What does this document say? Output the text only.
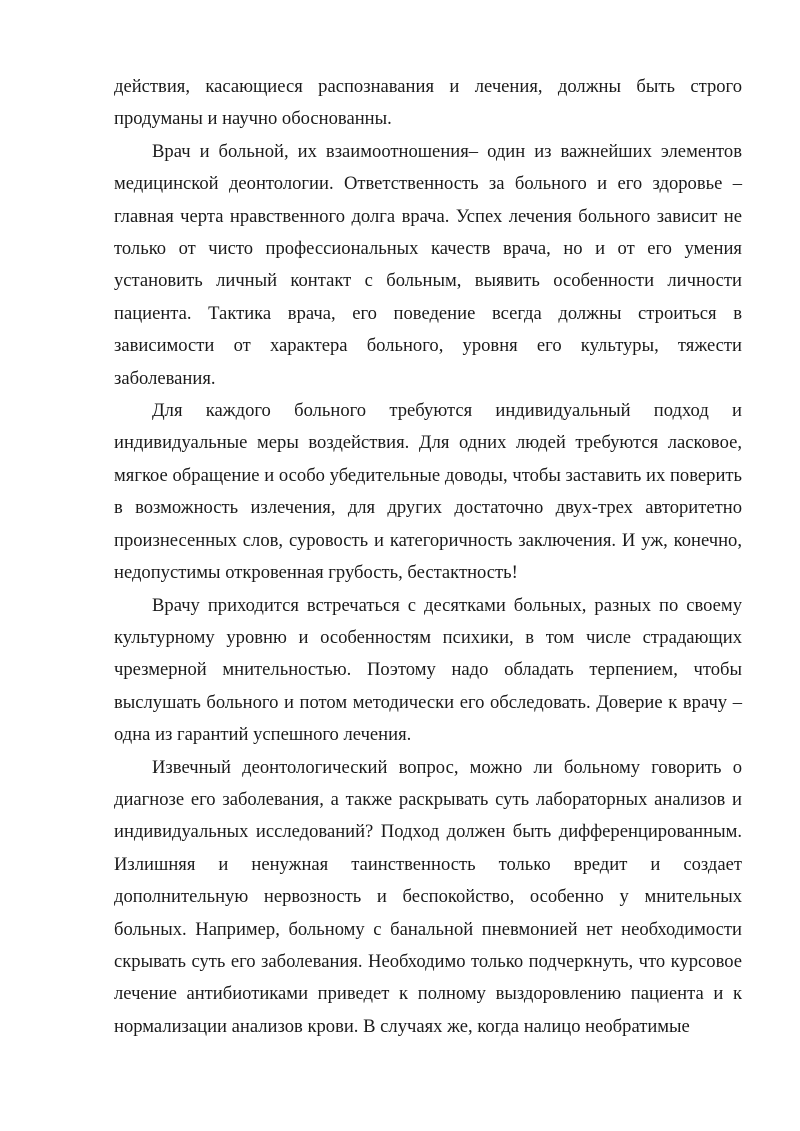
действия, касающиеся распознавания и лечения, должны быть строго продуманы и научно обоснованны.

Врач и больной, их взаимоотношения– один из важнейших элементов медицинской деонтологии. Ответственность за больного и его здоровье – главная черта нравственного долга врача. Успех лечения больного зависит не только от чисто профессиональных качеств врача, но и от его умения установить личный контакт с больным, выявить особенности личности пациента. Тактика врача, его поведение всегда должны строиться в зависимости от характера больного, уровня его культуры, тяжести заболевания.

Для каждого больного требуются индивидуальный подход и индивидуальные меры воздействия. Для одних людей требуются ласковое, мягкое обращение и особо убедительные доводы, чтобы заставить их поверить в возможность излечения, для других достаточно двух-трех авторитетно произнесенных слов, суровость и категоричность заключения. И уж, конечно, недопустимы откровенная грубость, бестактность!

Врачу приходится встречаться с десятками больных, разных по своему культурному уровню и особенностям психики, в том числе страдающих чрезмерной мнительностью. Поэтому надо обладать терпением, чтобы выслушать больного и потом методически его обследовать. Доверие к врачу – одна из гарантий успешного лечения.

Извечный деонтологический вопрос, можно ли больному говорить о диагнозе его заболевания, а также раскрывать суть лабораторных анализов и индивидуальных исследований? Подход должен быть дифференцированным. Излишняя и ненужная таинственность только вредит и создает дополнительную нервозность и беспокойство, особенно у мнительных больных. Например, больному с банальной пневмонией нет необходимости скрывать суть его заболевания. Необходимо только подчеркнуть, что курсовое лечение антибиотиками приведет к полному выздоровлению пациента и к нормализации анализов крови. В случаях же, когда налицо необратимые
